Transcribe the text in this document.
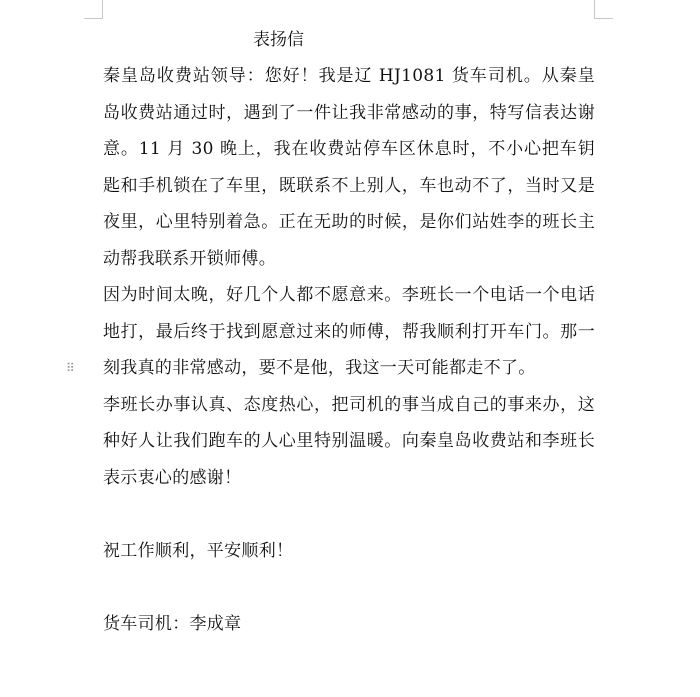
⠿
表扬信

秦皇岛收费站领导：您好！我是辽 HJ1081 货车司机。从秦皇岛收费站通过时，遇到了一件让我非常感动的事，特写信表达谢意。11 月 30 晚上，我在收费站停车区休息时，不小心把车钥匙和手机锁在了车里，既联系不上别人，车也动不了，当时又是夜里，心里特别着急。正在无助的时候，是你们站姓李的班长主动帮我联系开锁师傅。

因为时间太晚，好几个人都不愿意来。李班长一个电话一个电话地打，最后终于找到愿意过来的师傅，帮我顺利打开车门。那一刻我真的非常感动，要不是他，我这一天可能都走不了。

李班长办事认真、态度热心，把司机的事当成自己的事来办，这种好人让我们跑车的人心里特别温暖。向秦皇岛收费站和李班长表示衷心的感谢！

祝工作顺利，平安顺利！

货车司机：李成章
